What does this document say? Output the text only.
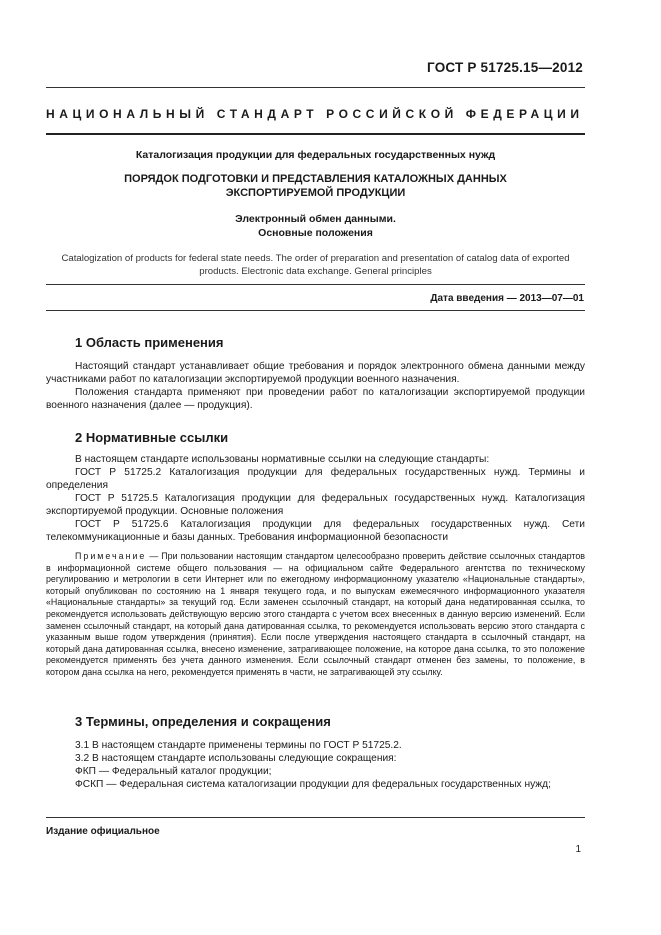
ГОСТ Р 51725.15—2012
НАЦИОНАЛЬНЫЙ СТАНДАРТ РОССИЙСКОЙ ФЕДЕРАЦИИ
Каталогизация продукции для федеральных государственных нужд
ПОРЯДОК ПОДГОТОВКИ И ПРЕДСТАВЛЕНИЯ КАТАЛОЖНЫХ ДАННЫХ
ЭКСПОРТИРУЕМОЙ ПРОДУКЦИИ
Электронный обмен данными.
Основные положения
Catalogization of products for federal state needs. The order of preparation and presentation of catalog data of exported
products. Electronic data exchange. General principles
Дата введения — 2013—07—01
1 Область применения
Настоящий стандарт устанавливает общие требования и порядок электронного обмена данными между участниками работ по каталогизации экспортируемой продукции военного назначения.
Положения стандарта применяют при проведении работ по каталогизации экспортируемой продукции военного назначения (далее — продукция).
2 Нормативные ссылки
В настоящем стандарте использованы нормативные ссылки на следующие стандарты:
ГОСТ Р 51725.2 Каталогизация продукции для федеральных государственных нужд. Термины и определения
ГОСТ Р 51725.5 Каталогизация продукции для федеральных государственных нужд. Каталогизация экспортируемой продукции. Основные положения
ГОСТ Р 51725.6 Каталогизация продукции для федеральных государственных нужд. Сети телекоммуникационные и базы данных. Требования информационной безопасности
Примечание — При пользовании настоящим стандартом целесообразно проверить действие ссылочных стандартов в информационной системе общего пользования — на официальном сайте Федерального агентства по техническому регулированию и метрологии в сети Интернет или по ежегодному информационному указателю «Национальные стандарты», который опубликован по состоянию на 1 января текущего года, и по выпускам ежемесячного информационного указателя «Национальные стандарты» за текущий год. Если заменен ссылочный стандарт, на который дана недатированная ссылка, то рекомендуется использовать действующую версию этого стандарта с учетом всех внесенных в данную версию изменений. Если заменен ссылочный стандарт, на который дана датированная ссылка, то рекомендуется использовать версию этого стандарта с указанным выше годом утверждения (принятия). Если после утверждения настоящего стандарта в ссылочный стандарт, на который дана датированная ссылка, внесено изменение, затрагивающее положение, на которое дана ссылка, то это положение рекомендуется применять без учета данного изменения. Если ссылочный стандарт отменен без замены, то положение, в котором дана ссылка на него, рекомендуется применять в части, не затрагивающей эту ссылку.
3 Термины, определения и сокращения
3.1 В настоящем стандарте применены термины по ГОСТ Р 51725.2.
3.2 В настоящем стандарте использованы следующие сокращения:
ФКП — Федеральный каталог продукции;
ФСКП — Федеральная система каталогизации продукции для федеральных государственных нужд;
Издание официальное
1
